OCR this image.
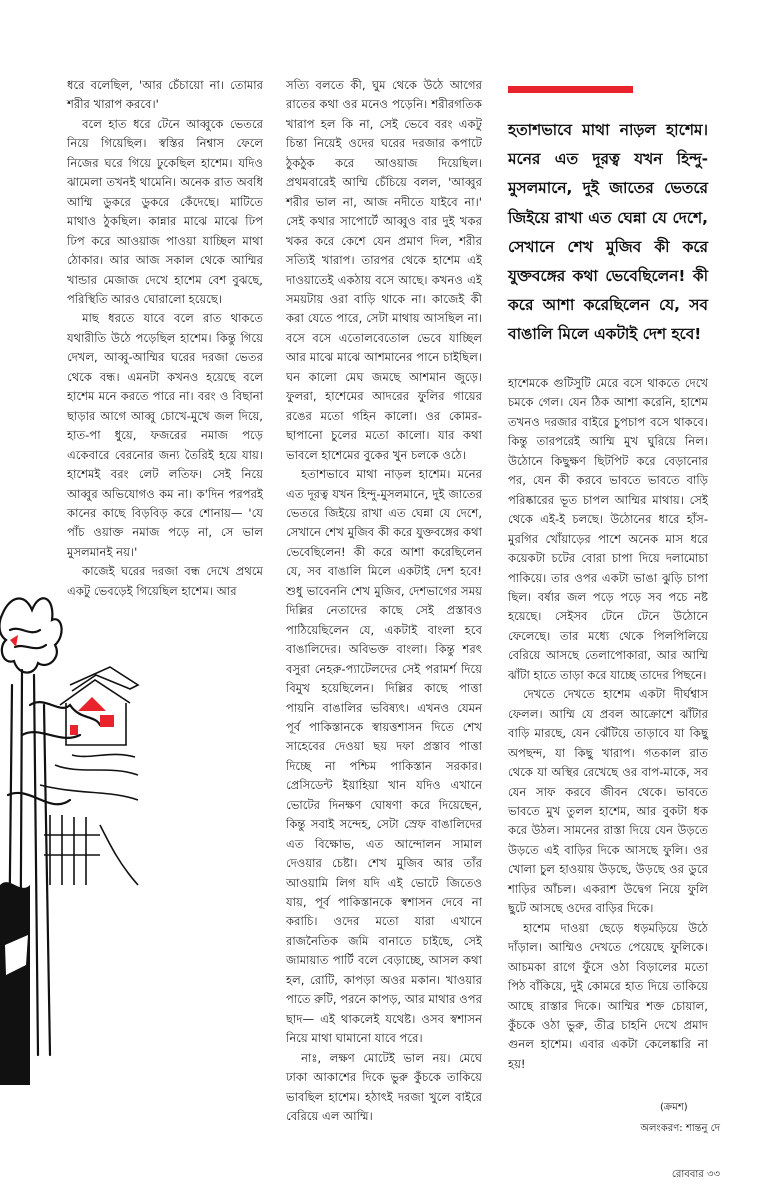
ধরে বলেছিল, 'আর চেঁচায়ো না। তোমার শরীর খারাপ করবে।'

বলে হাত ধরে টেনে আব্বুকে ভেতরে নিয়ে গিয়েছিল। স্বস্তির নিশ্বাস ফেলে নিজের ঘরে গিয়ে ঢুকেছিল হাশেম। যদিও ঝামেলা তখনই থামেনি। অনেক রাত অবধি আম্মি ডুকরে ডুকরে কেঁদেছে। মাটিতে মাথাও ঠুকছিল। কান্নার মাঝে মাঝে ঢিপ ঢিপ করে আওয়াজ পাওয়া যাচ্ছিল মাথা ঠোকার। আর আজ সকাল থেকে আম্মির খান্ডার মেজাজ দেখে হাশেম বেশ বুঝছে, পরিস্থিতি আরও ঘোরালো হয়েছে।

মাছ ধরতে যাবে বলে রাত থাকতে যথারীতি উঠে পড়েছিল হাশেম। কিন্তু গিয়ে দেখল, আব্বু-আম্মির ঘরের দরজা ভেতর থেকে বন্ধ। এমনটা কখনও হয়েছে বলে হাশেম মনে করতে পারে না। বরং ও বিছানা ছাড়ার আগে আব্বু চোখে-মুখে জল দিয়ে, হাত-পা ধুয়ে, ফজরের নমাজ পড়ে একেবারে বেরনোর জন্য তৈরিই হয়ে যায়। হাশেমই বরং লেট লতিফ। সেই নিয়ে আব্বুর অভিযোগও কম না। ক'দিন পরপরই কানের কাছে বিড়বিড় করে শোনায়— 'যে পাঁচ ওয়াক্ত নমাজ পড়ে না, সে ভাল মুসলমানই নয়।'

কাজেই ঘরের দরজা বন্ধ দেখে প্রথমে একটু ভেবড়েই গিয়েছিল হাশেম। আর

সত্যি বলতে কী, ঘুম থেকে উঠে আগের রাতের কথা ওর মনেও পড়েনি। শরীরগতিক খারাপ হল কি না, সেই ভেবে বরং একটু চিন্তা নিয়েই ওদের ঘরের দরজার কপাটে ঠুকঠুক করে আওয়াজ দিয়েছিল। প্রথমবারেই আম্মি চেঁচিয়ে বলল, 'আব্বুর শরীর ভাল না, আজ নদীতে যাইবে না।' সেই কথার সাপোর্টে আব্বুও বার দুই খকর খকর করে কেশে যেন প্রমাণ দিল, শরীর সত্যিই খারাপ। তারপর থেকে হাশেম এই দাওয়াতেই একঠায় বসে আছে। কখনও এই সময়টায় ওরা বাড়ি থাকে না। কাজেই কী করা যেতে পারে, সেটা মাথায় আসছিল না। বসে বসে এতোলবেতোল ভেবে যাচ্ছিল আর মাঝে মাঝে আশমানের পানে চাইছিল। ঘন কালো মেঘ জমছে আশমান জুড়ে। ফুলরা, হাশেমের আদরের ফুলির গায়ের রঙের মতো গহিন কালো। ওর কোমর-ছাপানো চুলের মতো কালো। যার কথা ভাবলে হাশেমের বুকের খুন চলকে ওঠে।

হতাশভাবে মাথা নাড়ল হাশেম। মনের এত দূরত্ব যখন হিন্দু-মুসলমানে, দুই জাতের ভেতরে জিইয়ে রাখা এত ঘেন্না যে দেশে, সেখানে শেখ মুজিব কী করে যুক্তবঙ্গের কথা ভেবেছিলেন! কী করে আশা করেছিলেন যে, সব বাঙালি মিলে একটাই দেশ হবে! শুধু ভাবেননি শেখ মুজিব, দেশভাগের সময় দিল্লির নেতাদের কাছে সেই প্রস্তাবও পাঠিয়েছিলেন যে, একটাই বাংলা হবে বাঙালিদের। অবিভক্ত বাংলা। কিন্তু শরৎ বসুরা নেহরু-প্যাটেলদের সেই পরামর্শ দিয়ে বিমুখ হয়েছিলেন। দিল্লির কাছে পাত্তা পায়নি বাঙালির ভবিষ্যৎ। এখনও যেমন পূর্ব পাকিস্তানকে স্বায়ত্তশাসন দিতে শেখ সাহেবের দেওয়া ছয় দফা প্রস্তাব পাত্তা দিচ্ছে না পশ্চিম পাকিস্তান সরকার। প্রেসিডেন্ট ইয়াহিয়া খান যদিও এখানে ভোটের দিনক্ষণ ঘোষণা করে দিয়েছেন, কিন্তু সবাই সন্দেহ, সেটা স্রেফ বাঙালিদের এত বিক্ষোভ, এত আন্দোলন সামাল দেওয়ার চেষ্টা। শেখ মুজিব আর তাঁর আওয়ামি লিগ যদি এই ভোটে জিতেও যায়, পূর্ব পাকিস্তানকে স্বশাসন দেবে না করাচি। ওদের মতো যারা এখানে রাজনৈতিক জমি বানাতে চাইছে, সেই জামায়াত পার্টি বলে বেড়াচ্ছে, আসল কথা হল, রোটি, কাপড়া অওর মকান। খাওয়ার পাতে রুটি, পরনে কাপড়, আর মাথার ওপর ছাদ— এই থাকলেই যথেষ্ট। ওসব স্বশাসন নিয়ে মাথা ঘামানো যাবে পরে।

নাঃ, লক্ষণ মোটেই ভাল নয়। মেঘে ঢাকা আকাশের দিকে ভুরু কুঁচকে তাকিয়ে ভাবছিল হাশেম। হঠাৎই দরজা খুলে বাইরে বেরিয়ে এল আম্মি।

হতাশভাবে মাথা নাড়ল হাশেম। মনের এত দূরত্ব যখন হিন্দু-মুসলমানে, দুই জাতের ভেতরে জিইয়ে রাখা এত ঘেন্না যে দেশে, সেখানে শেখ মুজিব কী করে যুক্তবঙ্গের কথা ভেবেছিলেন! কী করে আশা করেছিলেন যে, সব বাঙালি মিলে একটাই দেশ হবে!

হাশেমকে গুটিসুটি মেরে বসে থাকতে দেখে চমকে গেল। যেন ঠিক আশা করেনি, হাশেম তখনও দরজার বাইরে চুপচাপ বসে থাকবে। কিন্তু তারপরেই আম্মি মুখ ঘুরিয়ে নিল। উঠোনে কিছুক্ষণ ছিটপিট করে বেড়ানোর পর, যেন কী করবে ভাবতে ভাবতে বাড়ি পরিষ্কারের ভূত চাপল আম্মির মাথায়। সেই থেকে এই-ই চলছে। উঠোনের ধারে হাঁস-মুরগির খোঁয়াড়ের পাশে অনেক মাস ধরে কয়েকটা চটের বোরা চাপা দিয়ে দলামোচা পাকিয়ে। তার ওপর একটা ভাঙা ঝুড়ি চাপা ছিল। বর্ষার জল পড়ে পড়ে সব পচে নষ্ট হয়েছে। সেইসব টেনে টেনে উঠোনে ফেলেছে। তার মধ্যে থেকে পিলপিলিয়ে বেরিয়ে আসছে তেলাপোকারা, আর আম্মি ঝাঁটা হাতে তাড়া করে যাচ্ছে তাদের পিছনে।

দেখতে দেখতে হাশেম একটা দীর্ঘশ্বাস ফেলল। আম্মি যে প্রবল আক্রোশে ঝাঁটার বাড়ি মারছে, যেন ঝেঁটিয়ে তাড়াবে যা কিছু অপছন্দ, যা কিছু খারাপ। গতকাল রাত থেকে যা অস্থির রেখেছে ওর বাপ-মাকে, সব যেন সাফ করবে জীবন থেকে। ভাবতে ভাবতে মুখ তুলল হাশেম, আর বুকটা ধক করে উঠল। সামনের রাস্তা দিয়ে যেন উড়তে উড়তে এই বাড়ির দিকে আসছে ফুলি। ওর খোলা চুল হাওয়ায় উড়ছে, উড়ছে ওর ডুরে শাড়ির আঁচল। একরাশ উদ্বেগ নিয়ে ফুলি ছুটে আসছে ওদের বাড়ির দিকে।

হাশেম দাওয়া ছেড়ে ধড়মড়িয়ে উঠে দাঁড়াল। আম্মিও দেখতে পেয়েছে ফুলিকে। আচমকা রাগে ফুঁসে ওঠা বিড়ালের মতো পিঠ বাঁকিয়ে, দুই কোমরে হাত দিয়ে তাকিয়ে আছে রাস্তার দিকে। আম্মির শক্ত চোয়াল, কুঁচকে ওঠা ভুরু, তীব্র চাহনি দেখে প্রমাদ গুনল হাশেম। এবার একটা কেলেঙ্কারি না হয়!

(ক্রমশ)
অলংকরণ: শান্তনু দে
রোববার ৩৩
